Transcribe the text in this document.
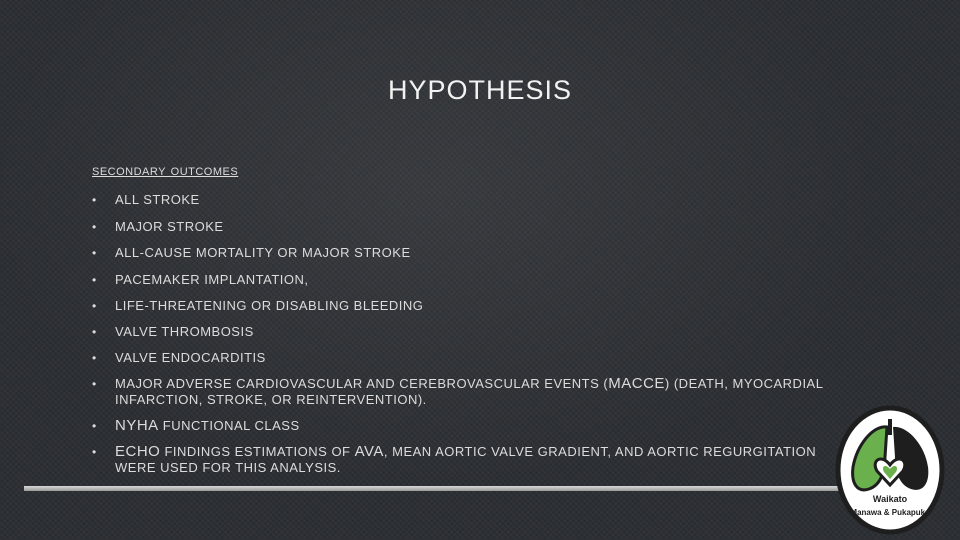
HYPOTHESIS
secondary outcomes
• ALL STROKE
• MAJOR STROKE
• ALL-CAUSE MORTALITY OR MAJOR STROKE
• PACEMAKER IMPLANTATION,
• LIFE-THREATENING OR DISABLING BLEEDING
• VALVE THROMBOSIS
• VALVE ENDOCARDITIS
• MAJOR ADVERSE CARDIOVASCULAR AND CEREBROVASCULAR EVENTS (MACCE) (DEATH, MYOCARDIAL INFARCTION, STROKE, OR REINTERVENTION).
• NYHA FUNCTIONAL CLASS
• ECHO FINDINGS ESTIMATIONS OF AVA, MEAN AORTIC VALVE GRADIENT, AND AORTIC REGURGITATION WERE USED FOR THIS ANALYSIS.
Waikato
Manawa & Pukapuka
